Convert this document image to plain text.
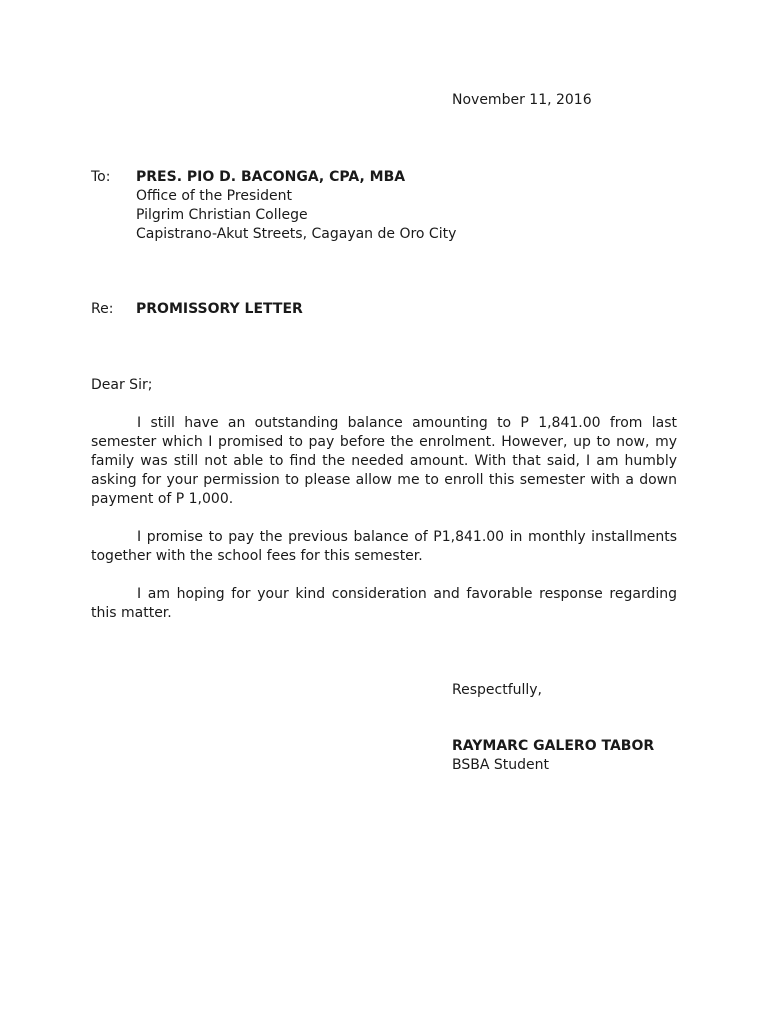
November 11, 2016
To: PRES. PIO D. BACONGA, CPA, MBA
Office of the President
Pilgrim Christian College
Capistrano-Akut Streets, Cagayan de Oro City
Re: PROMISSORY LETTER
Dear Sir;

I still have an outstanding balance amounting to P 1,841.00 from last semester which I promised to pay before the enrolment. However, up to now, my family was still not able to find the needed amount. With that said, I am humbly asking for your permission to please allow me to enroll this semester with a down payment of P 1,000.

I promise to pay the previous balance of P1,841.00 in monthly installments together with the school fees for this semester.

I am hoping for your kind consideration and favorable response regarding this matter.

Respectfully,
RAYMARC GALERO TABOR
BSBA Student
